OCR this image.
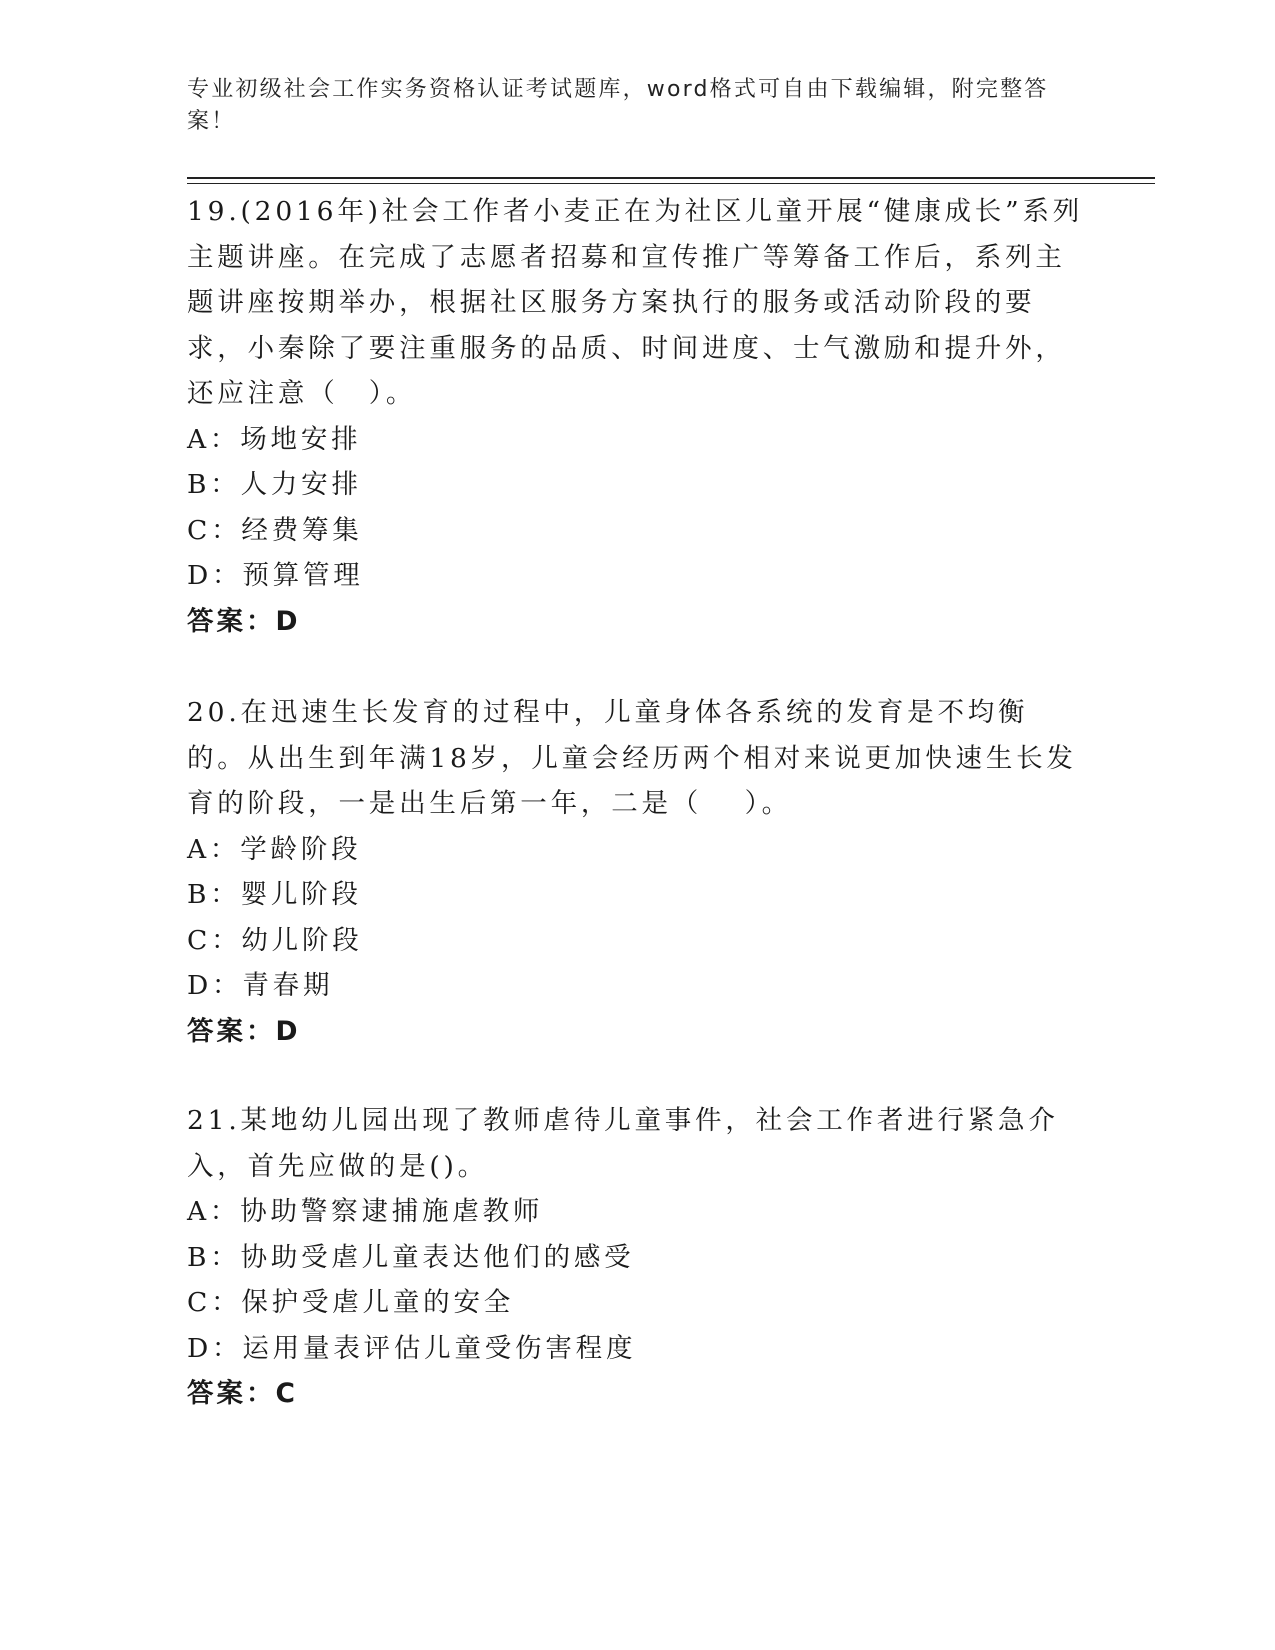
专业初级社会工作实务资格认证考试题库，word格式可自由下载编辑，附完整答案！

19.(2016年)社会工作者小麦正在为社区儿童开展“健康成长”系列主题讲座。在完成了志愿者招募和宣传推广等筹备工作后，系列主题讲座按期举办，根据社区服务方案执行的服务或活动阶段的要求，小秦除了要注重服务的品质、时间进度、士气激励和提升外，还应注意（　）。

A：场地安排

B：人力安排

C：经费筹集

D：预算管理

答案：D

20.在迅速生长发育的过程中，儿童身体各系统的发育是不均衡的。从出生到年满18岁，儿童会经历两个相对来说更加快速生长发育的阶段，一是出生后第一年，二是（　 ）。

A：学龄阶段

B：婴儿阶段

C：幼儿阶段

D：青春期

答案：D

21.某地幼儿园出现了教师虐待儿童事件，社会工作者进行紧急介入，首先应做的是()。

A：协助警察逮捕施虐教师

B：协助受虐儿童表达他们的感受

C：保护受虐儿童的安全

D：运用量表评估儿童受伤害程度

答案：C
